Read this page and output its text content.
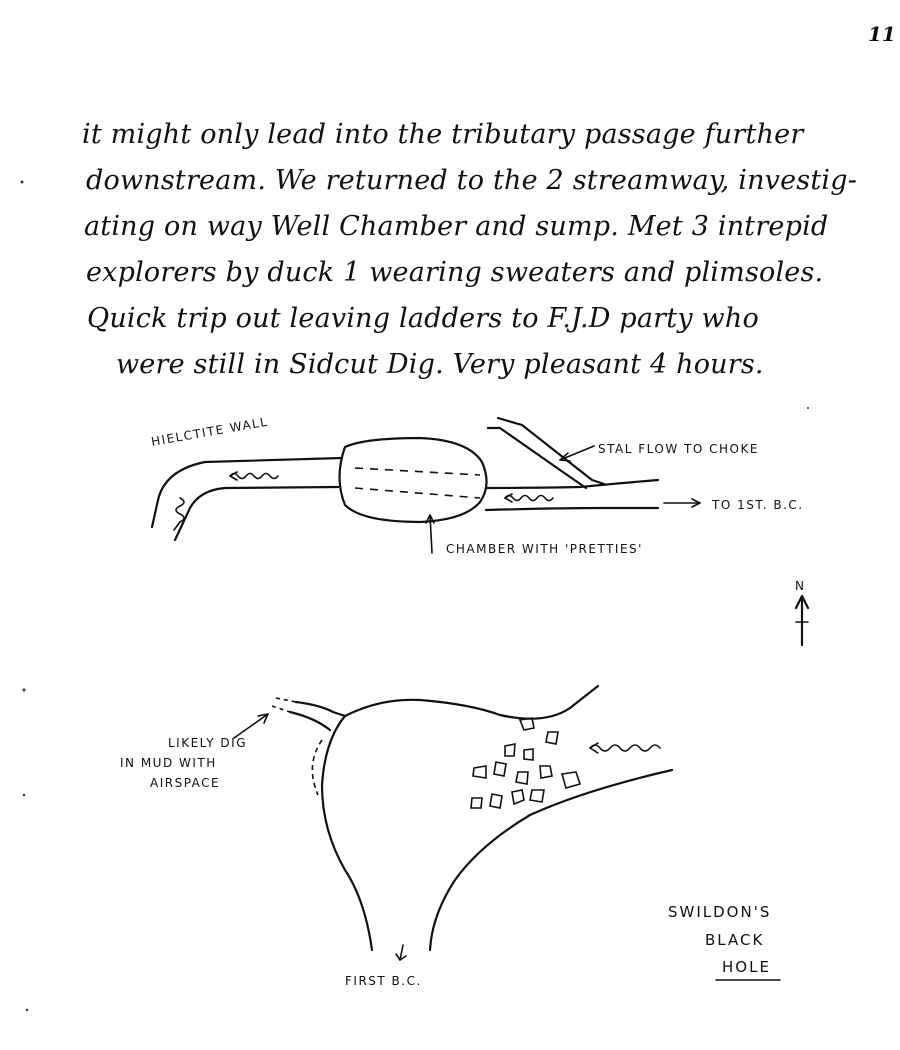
11
it might only lead into the tributary passage further
downstream. We returned to the 2 streamway, investig-
ating on way Well Chamber and sump. Met 3 intrepid
explorers by duck 1 wearing sweaters and plimsoles.
Quick trip out leaving ladders to F.J.D party who
were still in Sidcut Dig. Very pleasant 4 hours.
HIELCTITE WALL
STAL FLOW TO CHOKE
TO 1ST. B.C.
CHAMBER WITH 'PRETTIES'
N
LIKELY DIG
IN MUD WITH
AIRSPACE
FIRST B.C.
SWILDON'S
BLACK
HOLE
